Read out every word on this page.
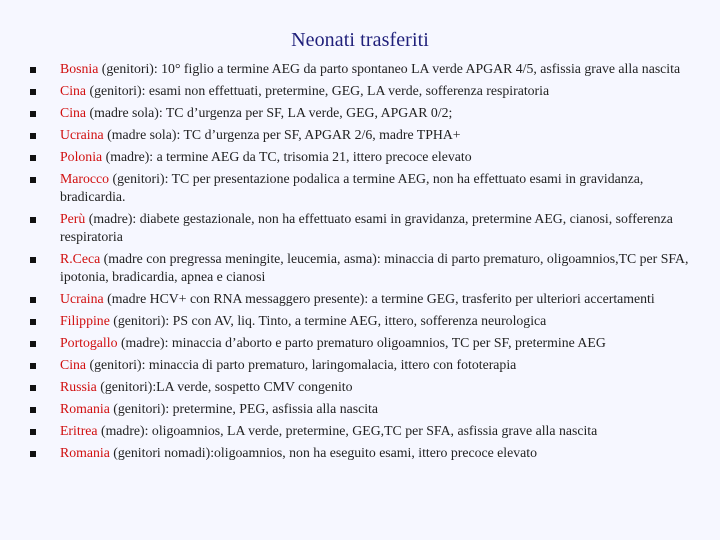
Neonati trasferiti
Bosnia (genitori): 10° figlio a termine AEG da parto spontaneo LA verde APGAR 4/5, asfissia grave alla nascita
Cina (genitori): esami non effettuati, pretermine, GEG, LA verde, sofferenza respiratoria
Cina (madre sola): TC d’urgenza per SF, LA verde, GEG, APGAR 0/2;
Ucraina (madre sola): TC d’urgenza per SF, APGAR 2/6, madre TPHA+
Polonia (madre): a termine AEG da TC, trisomia 21, ittero precoce elevato
Marocco (genitori): TC per presentazione podalica a termine AEG, non ha effettuato esami in gravidanza, bradicardia.
Perù (madre): diabete gestazionale, non ha effettuato esami in gravidanza, pretermine AEG, cianosi, sofferenza respiratoria
R.Ceca (madre con pregressa meningite, leucemia, asma): minaccia di parto prematuro, oligoamnios,TC per SFA, ipotonia, bradicardia, apnea e cianosi
Ucraina (madre HCV+ con RNA messaggero presente): a termine GEG, trasferito per ulteriori accertamenti
Filippine (genitori): PS con AV, liq. Tinto, a termine AEG, ittero, sofferenza neurologica
Portogallo (madre): minaccia d’aborto e parto prematuro oligoamnios, TC per SF, pretermine AEG
Cina (genitori): minaccia di parto prematuro, laringomalacia, ittero con fototerapia
Russia (genitori):LA verde, sospetto CMV congenito
Romania (genitori): pretermine, PEG, asfissia alla nascita
Eritrea (madre): oligoamnios, LA verde, pretermine, GEG,TC per SFA, asfissia grave alla nascita
Romania (genitori nomadi):oligoamnios, non ha eseguito esami, ittero precoce elevato
